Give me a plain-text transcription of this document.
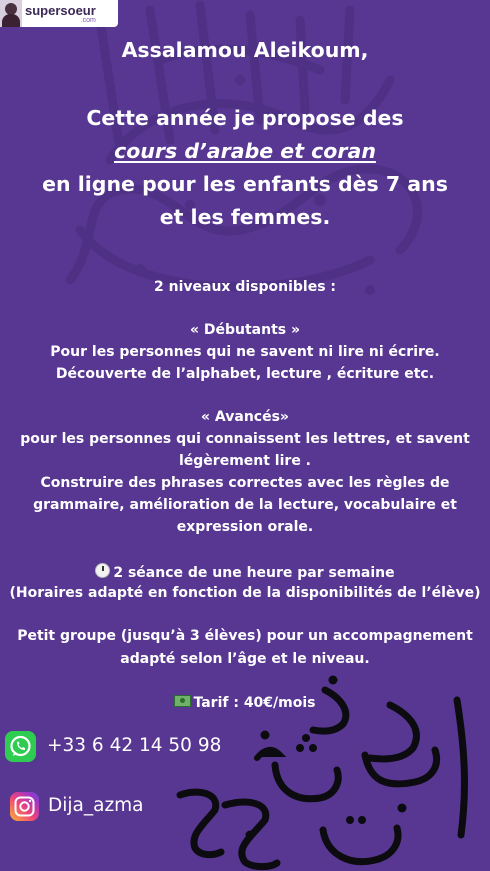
supersoeur
.com
Assalamou Aleikoum,
Cette année je propose des
cours d’arabe et coran
en ligne pour les enfants dès 7 ans
et les femmes.
2 niveaux disponibles :
« Débutants »
Pour les personnes qui ne savent ni lire ni écrire.
Découverte de l’alphabet, lecture , écriture etc.
« Avancés»
pour les personnes qui connaissent les lettres, et savent
légèrement lire .
Construire des phrases correctes avec les règles de
grammaire, amélioration de la lecture, vocabulaire et
expression orale.
2 séance de une heure par semaine
(Horaires adapté en fonction de la disponibilités de l’élève)
Petit groupe (jusqu’à 3 élèves) pour un accompagnement
adapté selon l’âge et le niveau.
Tarif : 40€/mois
+33 6 42 14 50 98
Dija_azma
